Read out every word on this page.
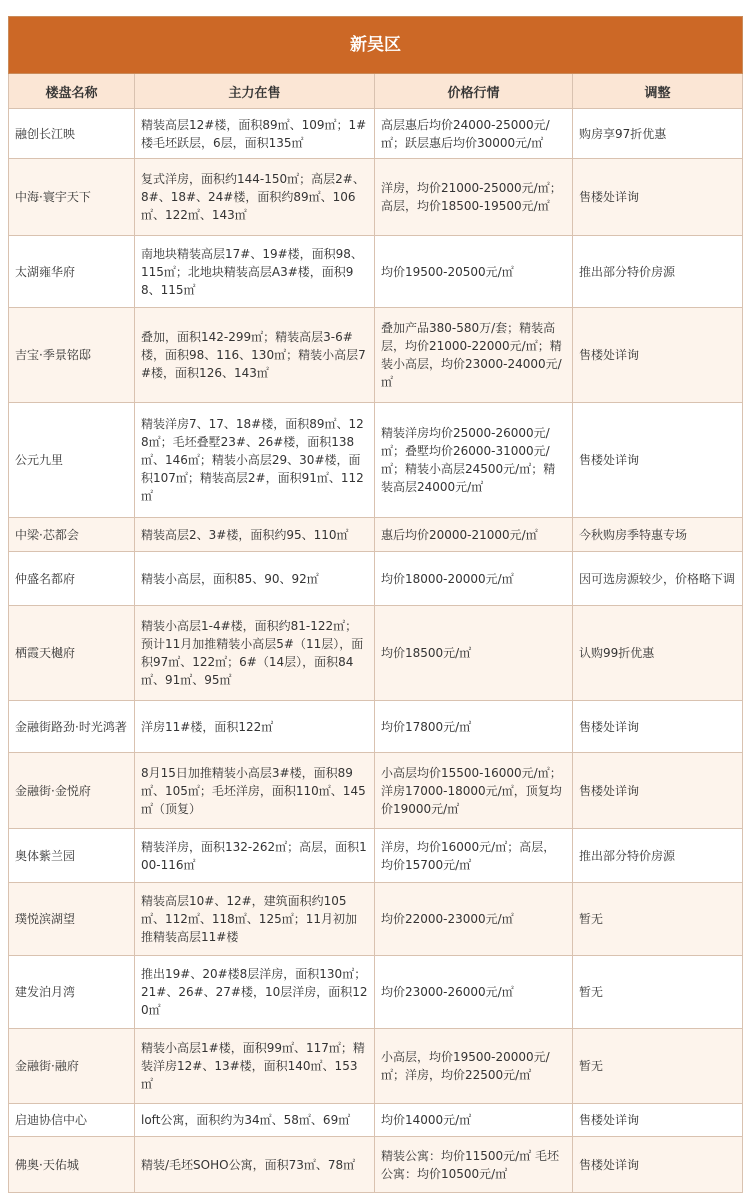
新吴区			
楼盘名称	主力在售	价格行情	调整
融创长江映	精装高层12#楼，面积89㎡、109㎡；1#楼毛坯跃层，6层，面积135㎡	高层惠后均价24000-25000元/㎡；跃层惠后均价30000元/㎡	购房享97折优惠
中海·寰宇天下	复式洋房，面积约144-150㎡；高层2#、8#、18#、24#楼，面积约89㎡、106㎡、122㎡、143㎡	洋房，均价21000-25000元/㎡；高层，均价18500-19500元/㎡	售楼处详询
太湖雍华府	南地块精装高层17#、19#楼，面积98、115㎡；北地块精装高层A3#楼，面积98、115㎡	均价19500-20500元/㎡	推出部分特价房源
吉宝·季景铭邸	叠加，面积142-299㎡；精装高层3-6#楼，面积98、116、130㎡；精装小高层7#楼，面积126、143㎡	叠加产品380-580万/套；精装高层，均价21000-22000元/㎡；精装小高层，均价23000-24000元/㎡	售楼处详询
公元九里	精装洋房7、17、18#楼，面积89㎡、128㎡；毛坯叠墅23#、26#楼，面积138㎡、146㎡；精装小高层29、30#楼，面积107㎡；精装高层2#，面积91㎡、112㎡	精装洋房均价25000-26000元/㎡；叠墅均价26000-31000元/㎡；精装小高层24500元/㎡；精装高层24000元/㎡	售楼处详询
中梁·芯都会	精装高层2、3#楼，面积约95、110㎡	惠后均价20000-21000元/㎡	今秋购房季特惠专场
仲盛名都府	精装小高层，面积85、90、92㎡	均价18000-20000元/㎡	因可选房源较少，价格略下调
栖霞天樾府	精装小高层1-4#楼，面积约81-122㎡；预计11月加推精装小高层5#（11层），面积97㎡、122㎡；6#（14层），面积84㎡、91㎡、95㎡	均价18500元/㎡	认购99折优惠
金融街路劲·时光鸿著	洋房11#楼，面积122㎡	均价17800元/㎡	售楼处详询
金融街·金悦府	8月15日加推精装小高层3#楼，面积89㎡、105㎡；毛坯洋房，面积110㎡、145㎡（顶复）	小高层均价15500-16000元/㎡；洋房17000-18000元/㎡，顶复均价19000元/㎡	售楼处详询
奥体紫兰园	精装洋房，面积132-262㎡；高层，面积100-116㎡	洋房，均价16000元/㎡；高层，均价15700元/㎡	推出部分特价房源
璞悦滨湖望	精装高层10#、12#，建筑面积约105㎡、112㎡、118㎡、125㎡；11月初加推精装高层11#楼	均价22000-23000元/㎡	暂无
建发泊月湾	推出19#、20#楼8层洋房，面积130㎡；21#、26#、27#楼，10层洋房，面积120㎡	均价23000-26000元/㎡	暂无
金融街·融府	精装小高层1#楼，面积99㎡、117㎡；精装洋房12#、13#楼，面积140㎡、153㎡	小高层，均价19500-20000元/㎡；洋房，均价22500元/㎡	暂无
启迪协信中心	loft公寓，面积约为34㎡、58㎡、69㎡	均价14000元/㎡	售楼处详询
佛奥·天佑城	精装/毛坯SOHO公寓，面积73㎡、78㎡	精装公寓：均价11500元/㎡ 毛坯公寓：均价10500元/㎡	售楼处详询
